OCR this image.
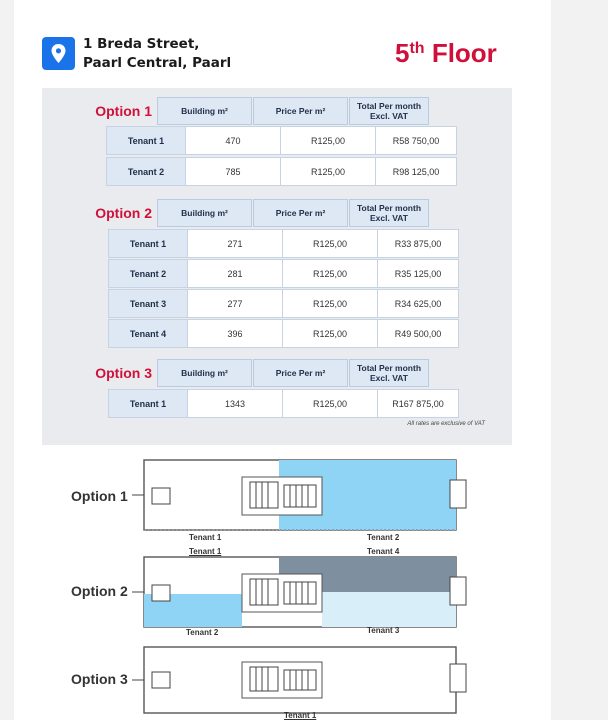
1 Breda Street,
Paarl Central, Paarl	5th Floor
Option 1	Building m²	Price Per m²	Total Per month
Excl. VAT
Tenant 1	470	R125,00	R58 750,00
Tenant 2	785	R125,00	R98 125,00
Option 2	Building m²	Price Per m²	Total Per month
Excl. VAT
Tenant 1	271	R125,00	R33 875,00
Tenant 2	281	R125,00	R35 125,00
Tenant 3	277	R125,00	R34 625,00
Tenant 4	396	R125,00	R49 500,00
Option 3	Building m²	Price Per m²	Total Per month
Excl. VAT
Tenant 1	1343	R125,00	R167 875,00
All rates are exclusive of VAT
Option 1
Tenant 1	Tenant 2
Tenant 1	Tenant 4
Option 2
Tenant 2	Tenant 3
Option 3
Tenant 1
